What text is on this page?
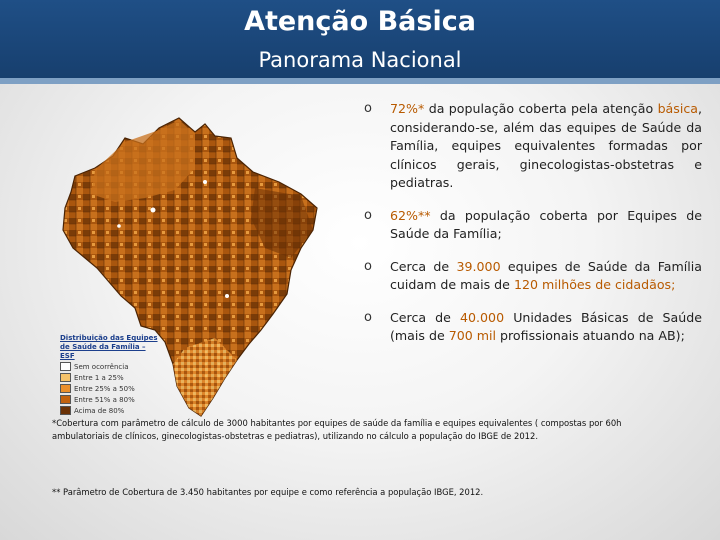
Atenção Básica
Panorama Nacional
Distribuição das Equipes de Saúde da Família – ESF
Sem ocorrência
Entre 1 a 25%
Entre 25% a 50%
Entre 51% a 80%
Acima de 80%
o 72%* da população coberta pela atenção básica, considerando-se, além das equipes de Saúde da Família, equipes equivalentes formadas por clínicos gerais, ginecologistas-obstetras e pediatras.
o 62%** da população coberta por Equipes de Saúde da Família;
o Cerca de 39.000 equipes de Saúde da Família cuidam de mais de 120 milhões de cidadãos;
o Cerca de 40.000 Unidades Básicas de Saúde (mais de 700 mil profissionais atuando na AB);
*Cobertura com parâmetro de cálculo de 3000 habitantes por equipes de saúde da família e equipes equivalentes ( compostas por 60h ambulatoriais de clínicos, ginecologistas-obstetras e pediatras), utilizando no cálculo a população do IBGE de 2012.
** Parâmetro de Cobertura de 3.450 habitantes por equipe e como referência a população IBGE, 2012.
